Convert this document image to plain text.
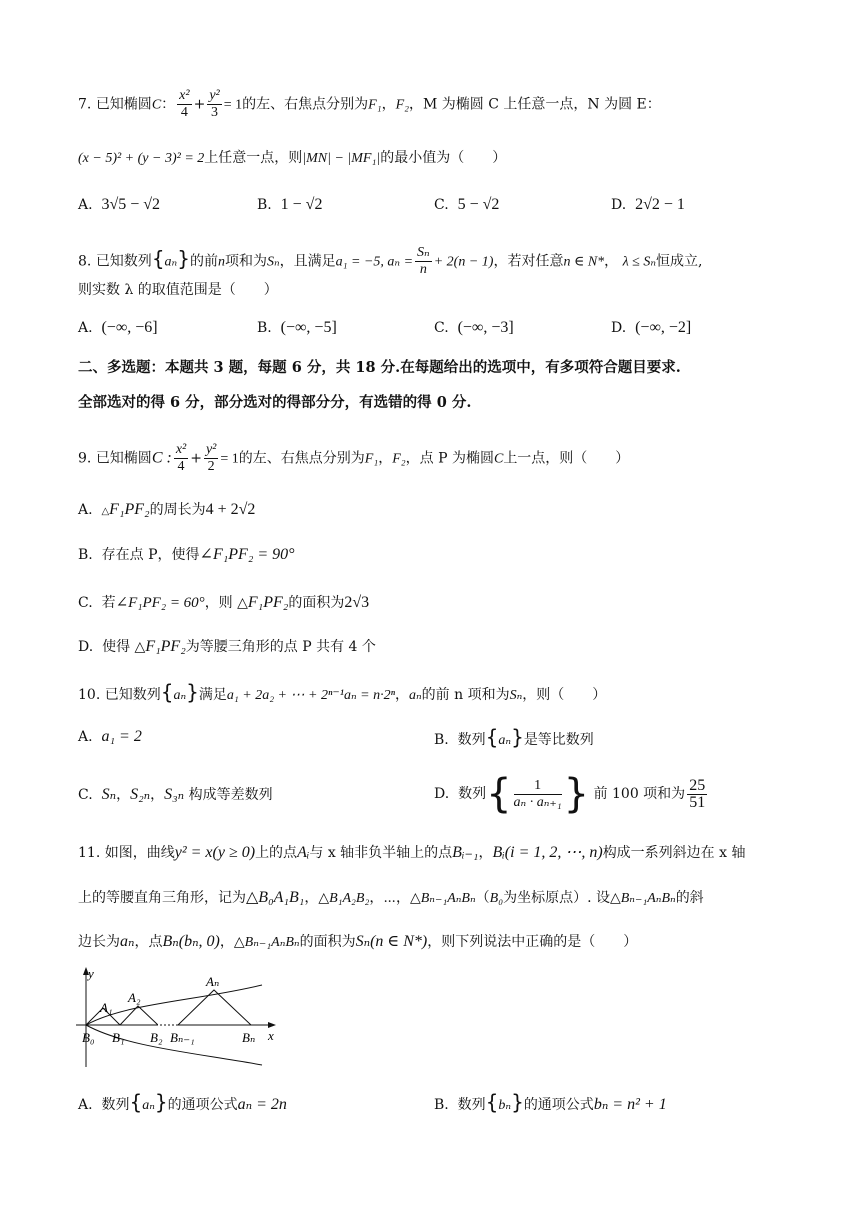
7. 已知椭圆C： $\frac{\text{x²}}{4} + \frac{\text{y²}}{3} = 1$的左、右焦点分别为F₁，F₂，M 为椭圆 C 上任意一点，N 为圆 E：
(x − 5)² + (y − 3)² = 2上任意一点，则|MN| − |MF₁|的最小值为（　　）
A. 3√5 − √2	B. 1 − √2	C. 5 − √2	D. 2√2 − 1
8. 已知数列{aₙ}的前n项和为Sₙ，且满足a₁ = −5, $a_n = \frac{\text{Sₙ}}{n} + 2(n - 1)$，若对任意n ∈ N*， λ ≤ Sₙ恒成立,
则实数 λ 的取值范围是（　　）
A. (−∞, −6]	B. (−∞, −5]	C. (−∞, −3]	D. (−∞, −2]
二、多选题：本题共 3 题，每题 6 分，共 18 分.在每题给出的选项中，有多项符合题目要求.
全部选对的得 6 分，部分选对的得部分分，有选错的得 0 分.
9. 已知椭圆C : $\frac{\text{x²}}{4} + \frac{\text{y²}}{2} = 1$的左、右焦点分别为F₁，F₂，点 P 为椭圆C上一点，则（　　）
A. △F₁PF₂的周长为4 + 2√2
B. 存在点 P，使得∠F₁PF₂ = 90°
C. 若∠F₁PF₂ = 60°，则 △F₁PF₂的面积为2√3
D. 使得 △F₁PF₂为等腰三角形的点 P 共有 4 个
10. 已知数列{aₙ}满足a₁ + 2a₂ + ⋯ + 2ⁿ⁻¹aₙ = n·2ⁿ，aₙ的前 n 项和为Sₙ，则（　　）
A. a₁ = 2	B. 数列{aₙ}是等比数列
C. Sₙ，S₂ₙ，S₃ₙ 构成等差数列	D. 数列{ $\frac{1}{\text{aₙ · aₙ₊₁}}$ } 前 100 项和为 $\frac{25}{51}$
11. 如图，曲线y² = x(y ≥ 0)上的点Aᵢ与 x 轴非负半轴上的点Bᵢ₋₁，Bᵢ(i = 1, 2, ⋯, n)构成一系列斜边在 x 轴
上的等腰直角三角形，记为△B₀A₁B₁，△B₁A₂B₂，⋯，△Bₙ₋₁AₙBₙ（B₀为坐标原点）. 设△Bₙ₋₁AₙBₙ的斜
边长为aₙ，点Bₙ(bₙ, 0)，△Bₙ₋₁AₙBₙ的面积为Sₙ(n ∈ N*)，则下列说法中正确的是（　　）
y
x
A₁
A₂
Aₙ
B₀ B₁ B₂ Bₙ₋₁	Bₙ
A. 数列{aₙ}的通项公式aₙ = 2n	B. 数列{bₙ}的通项公式bₙ = n² + 1
